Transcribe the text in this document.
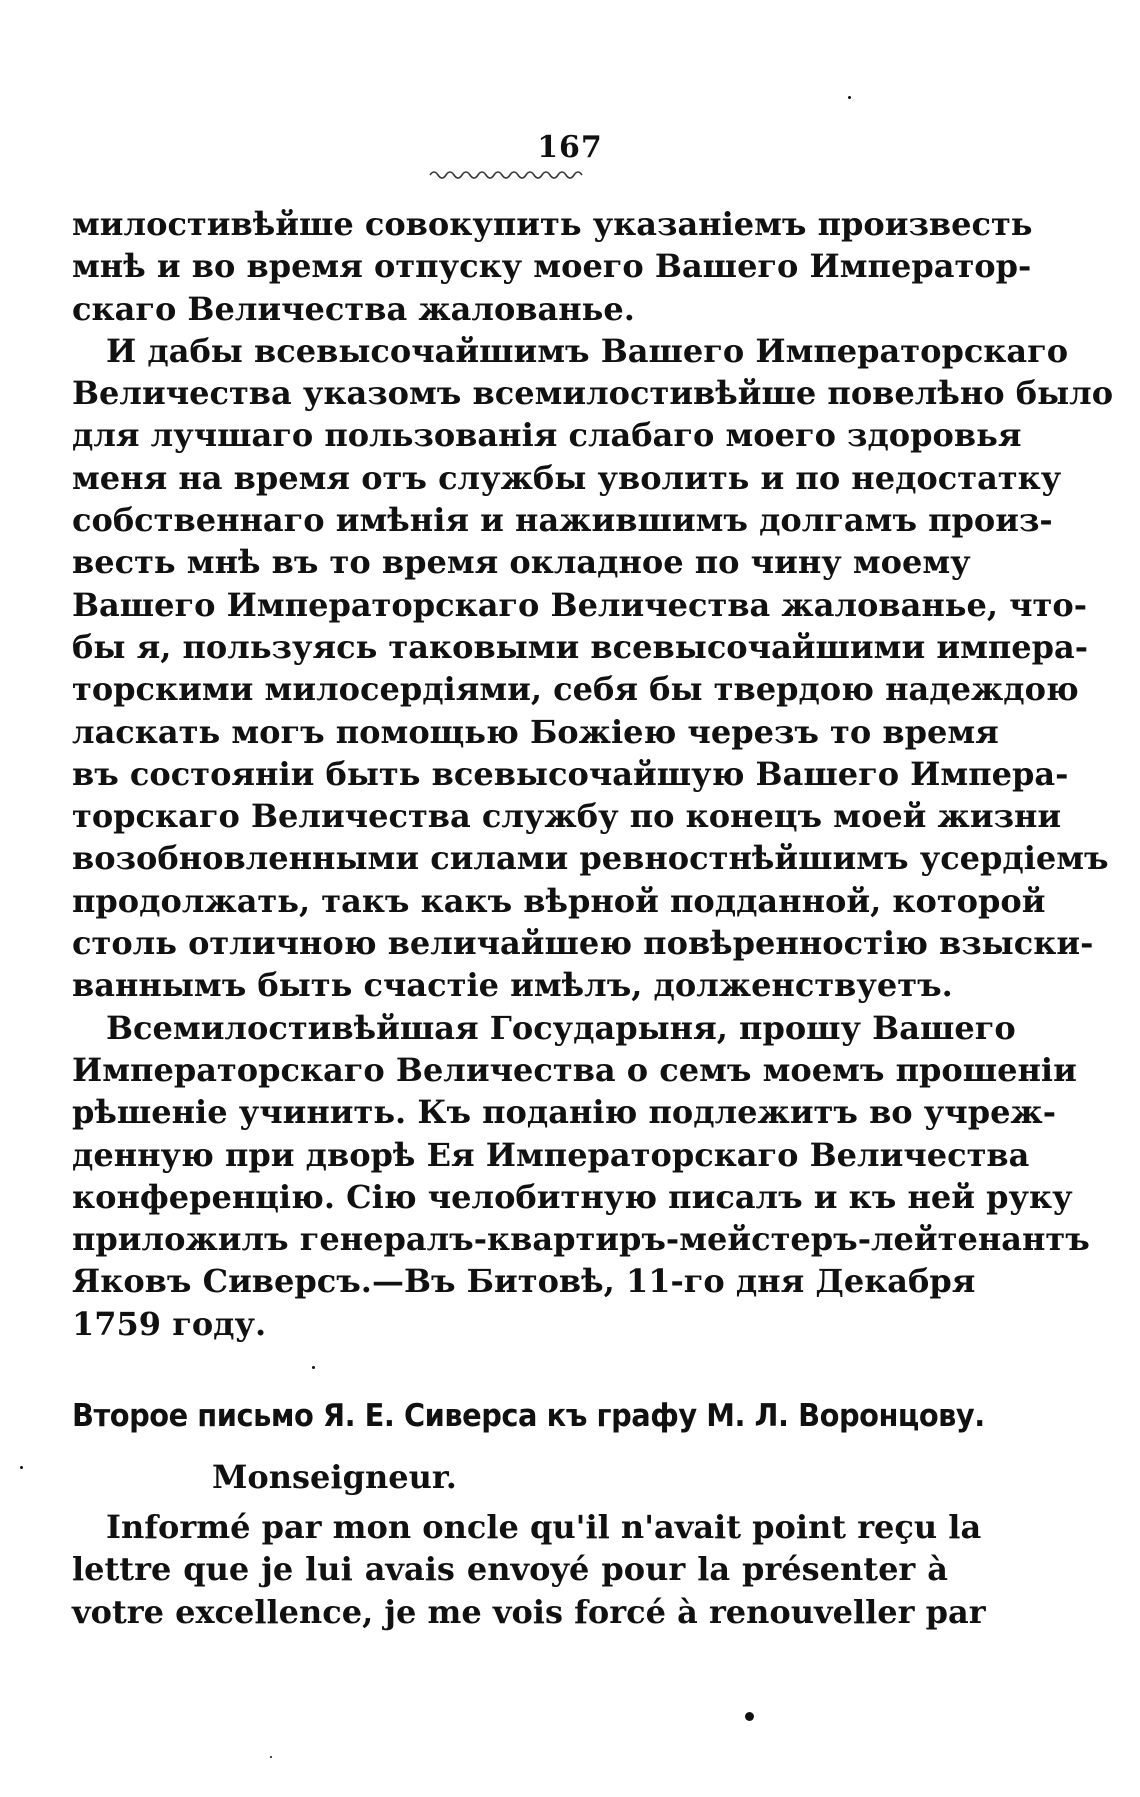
167
милостивѣйше совокупить указаніемъ произвесть
мнѣ и во время отпуску моего Вашего Император-
скаго Величества жалованье.
И дабы всевысочайшимъ Вашего Императорскаго
Величества указомъ всемилостивѣйше повелѣно было
для лучшаго пользованія слабаго моего здоровья
меня на время отъ службы уволить и по недостатку
собственнаго имѣнія и нажившимъ долгамъ произ-
весть мнѣ въ то время окладное по чину моему
Вашего Императорскаго Величества жалованье, что-
бы я, пользуясь таковыми всевысочайшими импера-
торскими милосердіями, себя бы твердою надеждою
ласкать могъ помощью Божіею черезъ то время
въ состояніи быть всевысочайшую Вашего Импера-
торскаго Величества службу по конецъ моей жизни
возобновленными силами ревностнѣйшимъ усердіемъ
продолжать, такъ какъ вѣрной подданной, которой
столь отличною величайшею повѣренностію взыски-
ваннымъ быть счастіе имѣлъ, долженствуетъ.
Всемилостивѣйшая Государыня, прошу Вашего
Императорскаго Величества о семъ моемъ прошеніи
рѣшеніе учинить. Къ поданію подлежитъ во учреж-
денную при дворѣ Ея Императорскаго Величества
конференцію. Сію челобитную писалъ и къ ней руку
приложилъ генералъ-квартиръ-мейстеръ-лейтенантъ
Яковъ Сиверсъ.—Въ Битовѣ, 11-го дня Декабря
1759 году.
Второе письмо Я. Е. Сиверса къ графу М. Л. Воронцову.
Monseigneur.
Informé par mon oncle qu'il n'avait point reçu la
lettre que je lui avais envoyé pour la présenter à
votre excellence, je me vois forcé à renouveller par
